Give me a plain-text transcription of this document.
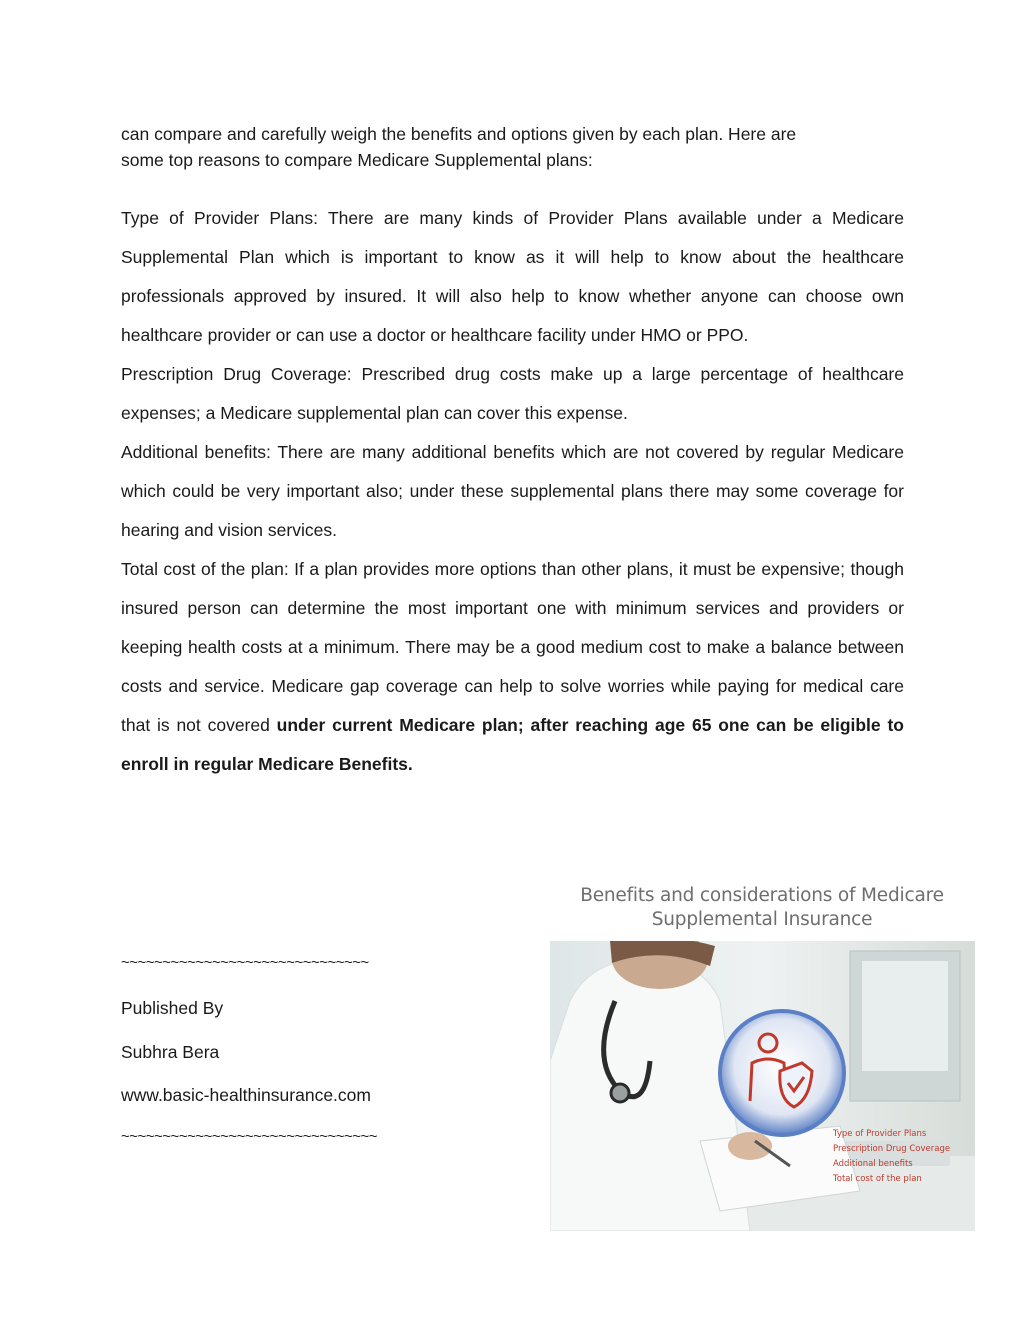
can compare and carefully weigh the benefits and options given by each plan. Here are
some top reasons to compare Medicare Supplemental plans:

Type of Provider Plans: There are many kinds of Provider Plans available under a Medicare Supplemental Plan which is important to know as it will help to know about the healthcare professionals approved by insured. It will also help to know whether anyone can choose own healthcare provider or can use a doctor or healthcare facility under HMO or PPO.

Prescription Drug Coverage: Prescribed drug costs make up a large percentage of healthcare expenses; a Medicare supplemental plan can cover this expense.

Additional benefits: There are many additional benefits which are not covered by regular Medicare which could be very important also; under these supplemental plans there may some coverage for hearing and vision services.

Total cost of the plan: If a plan provides more options than other plans, it must be expensive; though insured person can determine the most important one with minimum services and providers or keeping health costs at a minimum. There may be a good medium cost to make a balance between costs and service. Medicare gap coverage can help to solve worries while paying for medical care that is not covered under current Medicare plan; after reaching age 65 one can be eligible to enroll in regular Medicare Benefits.

~~~~~~~~~~~~~~~~~~~~~~~~~~~~~~
Published By
Subhra Bera
www.basic-healthinsurance.com
~~~~~~~~~~~~~~~~~~~~~~~~~~~~~~~
Benefits and considerations of Medicare
Supplemental Insurance
Type of Provider Plans
Prescription Drug Coverage
Additional benefits
Total cost of the plan
